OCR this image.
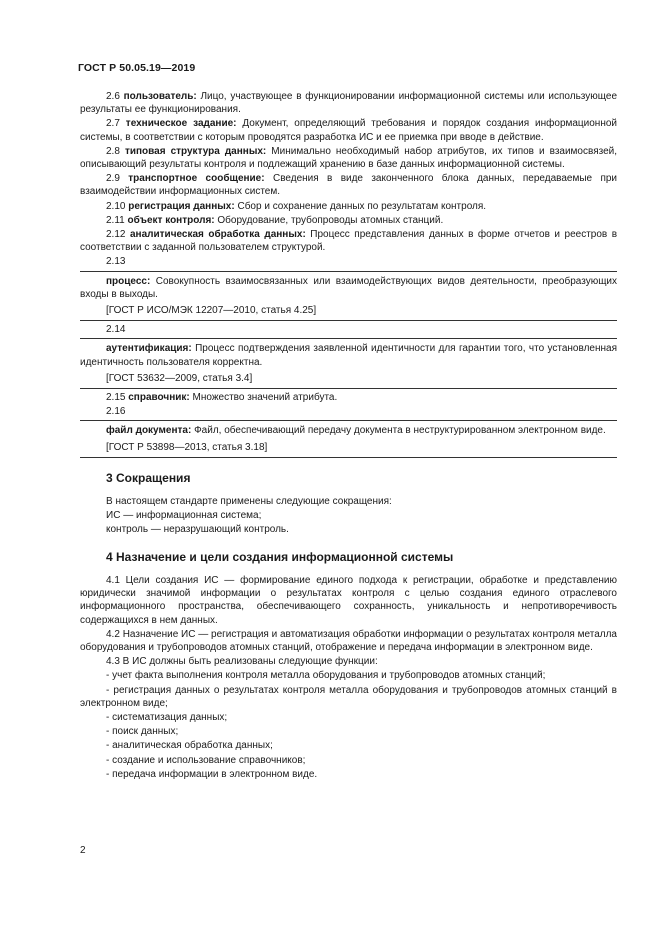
ГОСТ Р 50.05.19—2019

2.6 пользователь: Лицо, участвующее в функционировании информационной системы или использующее результаты ее функционирования.

2.7 техническое задание: Документ, определяющий требования и порядок создания информационной системы, в соответствии с которым проводятся разработка ИС и ее приемка при вводе в действие.

2.8 типовая структура данных: Минимально необходимый набор атрибутов, их типов и взаимосвязей, описывающий результаты контроля и подлежащий хранению в базе данных информационной системы.

2.9 транспортное сообщение: Сведения в виде законченного блока данных, передаваемые при взаимодействии информационных систем.

2.10 регистрация данных: Сбор и сохранение данных по результатам контроля.

2.11 объект контроля: Оборудование, трубопроводы атомных станций.

2.12 аналитическая обработка данных: Процесс представления данных в форме отчетов и реестров в соответствии с заданной пользователем структурой.

2.13

процесс: Совокупность взаимосвязанных или взаимодействующих видов деятельности, преобразующих входы в выходы.

[ГОСТ Р ИСО/МЭК 12207—2010, статья 4.25]

2.14

аутентификация: Процесс подтверждения заявленной идентичности для гарантии того, что установленная идентичность пользователя корректна.

[ГОСТ 53632—2009, статья 3.4]

2.15 справочник: Множество значений атрибута.

2.16

файл документа: Файл, обеспечивающий передачу документа в неструктурированном электронном виде.

[ГОСТ Р 53898—2013, статья 3.18]

3 Сокращения

В настоящем стандарте применены следующие сокращения:

ИС — информационная система;

контроль — неразрушающий контроль.

4 Назначение и цели создания информационной системы

4.1 Цели создания ИС — формирование единого подхода к регистрации, обработке и представлению юридически значимой информации о результатах контроля с целью создания единого отраслевого информационного пространства, обеспечивающего сохранность, уникальность и непротиворечивость содержащихся в нем данных.

4.2 Назначение ИС — регистрация и автоматизация обработки информации о результатах контроля металла оборудования и трубопроводов атомных станций, отображение и передача информации в электронном виде.

4.3 В ИС должны быть реализованы следующие функции:

- учет факта выполнения контроля металла оборудования и трубопроводов атомных станций;

- регистрация данных о результатах контроля металла оборудования и трубопроводов атомных станций в электронном виде;

- систематизация данных;

- поиск данных;

- аналитическая обработка данных;

- создание и использование справочников;

- передача информации в электронном виде.

2
